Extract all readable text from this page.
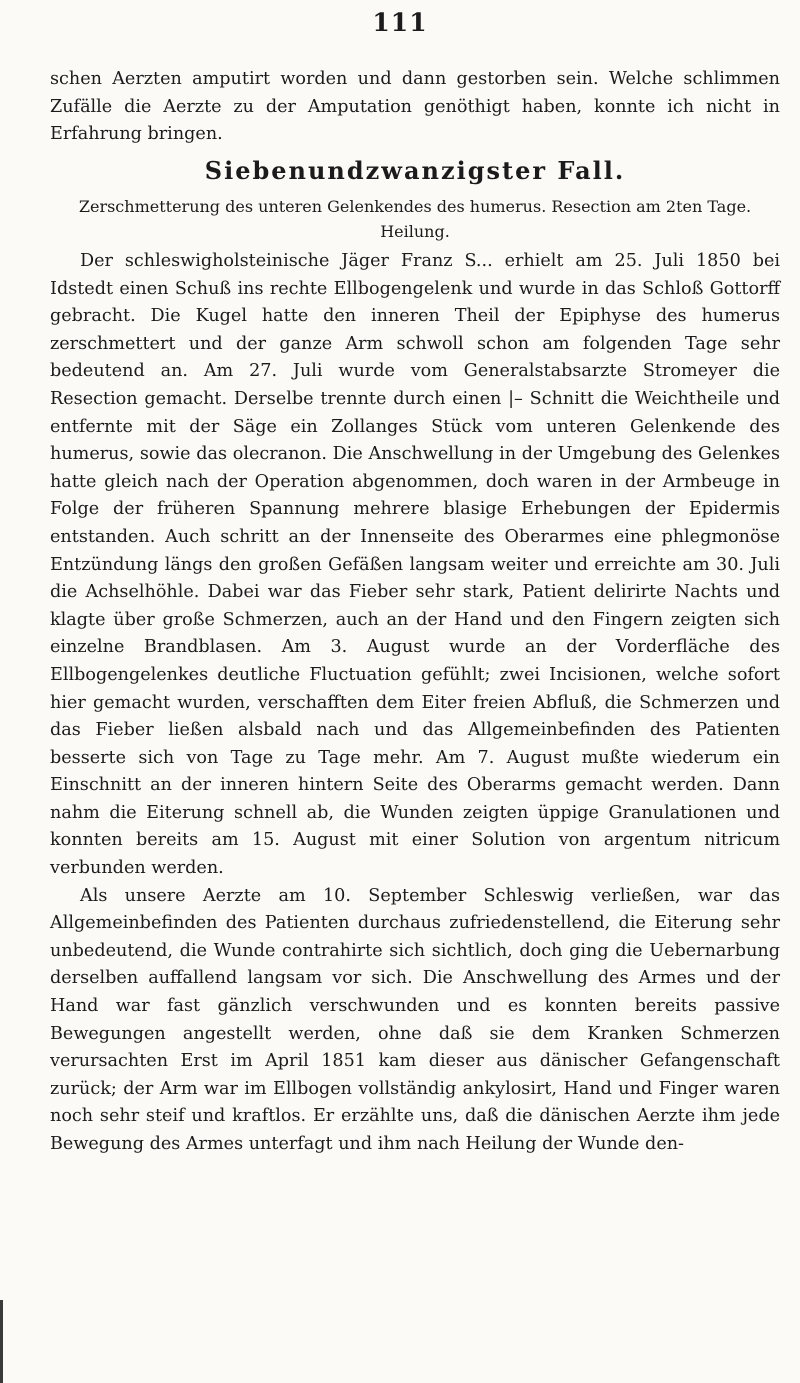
111

schen Aerzten amputirt worden und dann gestorben sein. Welche schlimmen Zufälle die Aerzte zu der Amputation genöthigt haben, konnte ich nicht in Erfahrung bringen.

Siebenundzwanzigster Fall.
Zerschmetterung des unteren Gelenkendes des humerus. Resection am 2ten Tage. Heilung.

Der schleswigholsteinische Jäger Franz S... erhielt am 25. Juli 1850 bei Idstedt einen Schuß ins rechte Ellbogengelenk und wurde in das Schloß Gottorff gebracht. Die Kugel hatte den inneren Theil der Epiphyse des humerus zerschmettert und der ganze Arm schwoll schon am folgenden Tage sehr bedeutend an. Am 27. Juli wurde vom Generalstabsarzte Stromeyer die Resection gemacht. Derselbe trennte durch einen |– Schnitt die Weichtheile und entfernte mit der Säge ein Zollanges Stück vom unteren Gelenkende des humerus, sowie das olecranon. Die Anschwellung in der Umgebung des Gelenkes hatte gleich nach der Operation abgenommen, doch waren in der Armbeuge in Folge der früheren Spannung mehrere blasige Erhebungen der Epidermis entstanden. Auch schritt an der Innenseite des Oberarmes eine phlegmonöse Entzündung längs den großen Gefäßen langsam weiter und erreichte am 30. Juli die Achselhöhle. Dabei war das Fieber sehr stark, Patient delirirte Nachts und klagte über große Schmerzen, auch an der Hand und den Fingern zeigten sich einzelne Brandblasen. Am 3. August wurde an der Vorderfläche des Ellbogengelenkes deutliche Fluctuation gefühlt; zwei Incisionen, welche sofort hier gemacht wurden, verschafften dem Eiter freien Abfluß, die Schmerzen und das Fieber ließen alsbald nach und das Allgemeinbefinden des Patienten besserte sich von Tage zu Tage mehr. Am 7. August mußte wiederum ein Einschnitt an der inneren hintern Seite des Oberarms gemacht werden. Dann nahm die Eiterung schnell ab, die Wunden zeigten üppige Granulationen und konnten bereits am 15. August mit einer Solution von argentum nitricum verbunden werden.

Als unsere Aerzte am 10. September Schleswig verließen, war das Allgemeinbefinden des Patienten durchaus zufriedenstellend, die Eiterung sehr unbedeutend, die Wunde contrahirte sich sichtlich, doch ging die Uebernarbung derselben auffallend langsam vor sich. Die Anschwellung des Armes und der Hand war fast gänzlich verschwunden und es konnten bereits passive Bewegungen angestellt werden, ohne daß sie dem Kranken Schmerzen verursachten Erst im April 1851 kam dieser aus dänischer Gefangenschaft zurück; der Arm war im Ellbogen vollständig ankylosirt, Hand und Finger waren noch sehr steif und kraftlos. Er erzählte uns, daß die dänischen Aerzte ihm jede Bewegung des Armes unterfagt und ihm nach Heilung der Wunde den-
